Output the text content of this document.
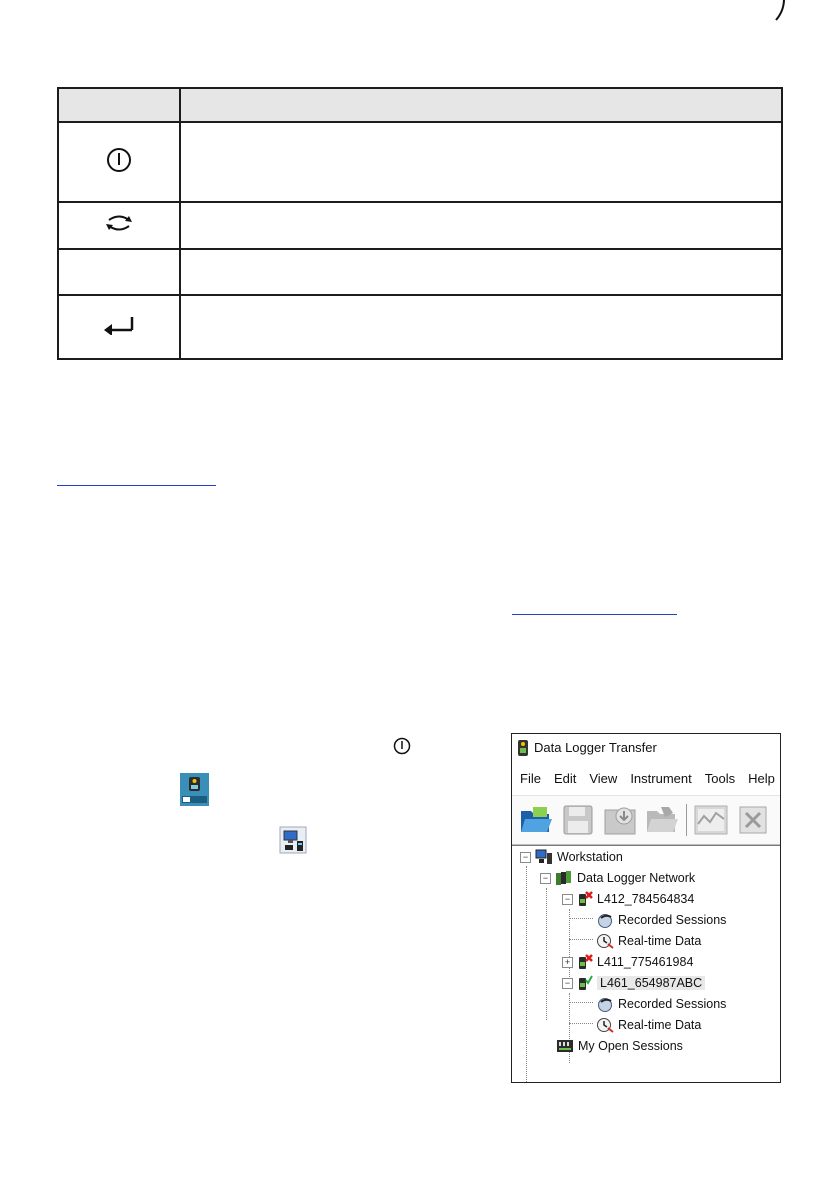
Data Logger Transfer
File Edit View Instrument Tools Help
− Workstation
− Data Logger Network
− L412_784564834
Recorded Sessions
Real-time Data
+ L411_775461984
− L461_654987ABC
Recorded Sessions
Real-time Data
My Open Sessions
